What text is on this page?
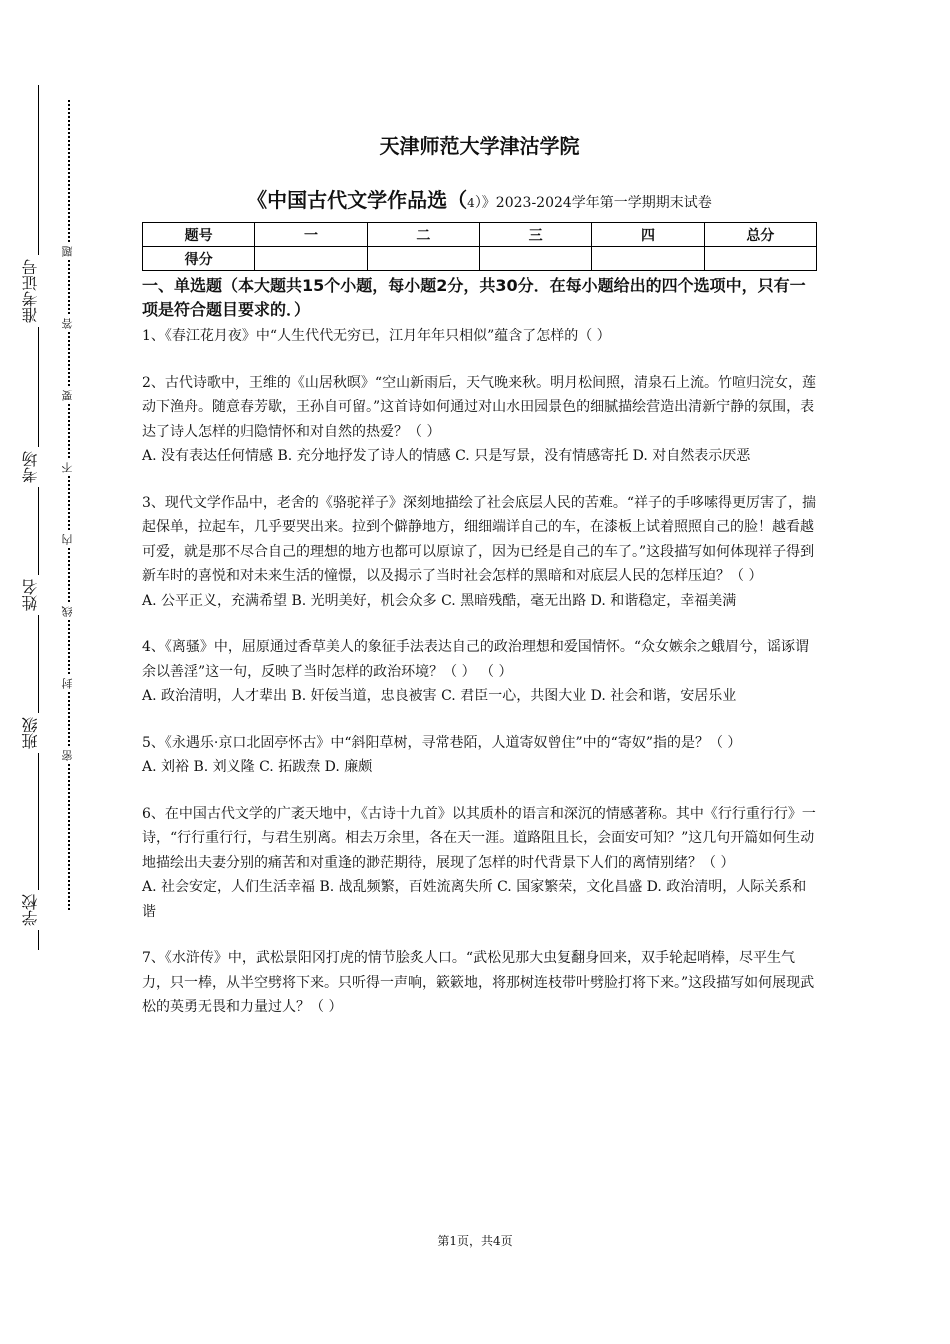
准考证号
考场
姓名
班级
学校
题
答
要
不
内
线
封
密
天津师范大学津沽学院
《中国古代文学作品选（4）》2023-2024学年第一学期期末试卷
题号	一	二	三	四	总分
得分					
一、单选题（本大题共15个小题，每小题2分，共30分．在每小题给出的四个选项中，只有一项是符合题目要求的．）

1、《春江花月夜》中“人生代代无穷已，江月年年只相似”蕴含了怎样的（ ）

2、古代诗歌中，王维的《山居秋暝》“空山新雨后，天气晚来秋。明月松间照，清泉石上流。竹喧归浣女，莲动下渔舟。随意春芳歇，王孙自可留。”这首诗如何通过对山水田园景色的细腻描绘营造出清新宁静的氛围，表达了诗人怎样的归隐情怀和对自然的热爱？（ ）

A. 没有表达任何情感 B. 充分地抒发了诗人的情感 C. 只是写景，没有情感寄托 D. 对自然表示厌恶

3、现代文学作品中，老舍的《骆驼祥子》深刻地描绘了社会底层人民的苦难。“祥子的手哆嗦得更厉害了，揣起保单，拉起车，几乎要哭出来。拉到个僻静地方，细细端详自己的车，在漆板上试着照照自己的脸！越看越可爱，就是那不尽合自己的理想的地方也都可以原谅了，因为已经是自己的车了。”这段描写如何体现祥子得到新车时的喜悦和对未来生活的憧憬，以及揭示了当时社会怎样的黑暗和对底层人民的怎样压迫？（ ）

A. 公平正义，充满希望 B. 光明美好，机会众多 C. 黑暗残酷，毫无出路 D. 和谐稳定，幸福美满

4、《离骚》中，屈原通过香草美人的象征手法表达自己的政治理想和爱国情怀。“众女嫉余之蛾眉兮，谣诼谓余以善淫”这一句，反映了当时怎样的政治环境？（ ） （ ）

A. 政治清明，人才辈出 B. 奸佞当道，忠良被害 C. 君臣一心，共图大业 D. 社会和谐，安居乐业

5、《永遇乐·京口北固亭怀古》中“斜阳草树，寻常巷陌，人道寄奴曾住”中的“寄奴”指的是？（ ）

A. 刘裕 B. 刘义隆 C. 拓跋焘 D. 廉颇

6、在中国古代文学的广袤天地中，《古诗十九首》以其质朴的语言和深沉的情感著称。其中《行行重行行》一诗，“行行重行行，与君生别离。相去万余里，各在天一涯。道路阻且长，会面安可知？”这几句开篇如何生动地描绘出夫妻分别的痛苦和对重逢的渺茫期待，展现了怎样的时代背景下人们的离情别绪？（ ）

A. 社会安定，人们生活幸福 B. 战乱频繁，百姓流离失所 C. 国家繁荣，文化昌盛 D. 政治清明，人际关系和谐

7、《水浒传》中，武松景阳冈打虎的情节脍炙人口。“武松见那大虫复翻身回来，双手轮起哨棒，尽平生气力，只一棒，从半空劈将下来。只听得一声响，簌簌地，将那树连枝带叶劈脸打将下来。”这段描写如何展现武松的英勇无畏和力量过人？（ ）

第1页，共4页
